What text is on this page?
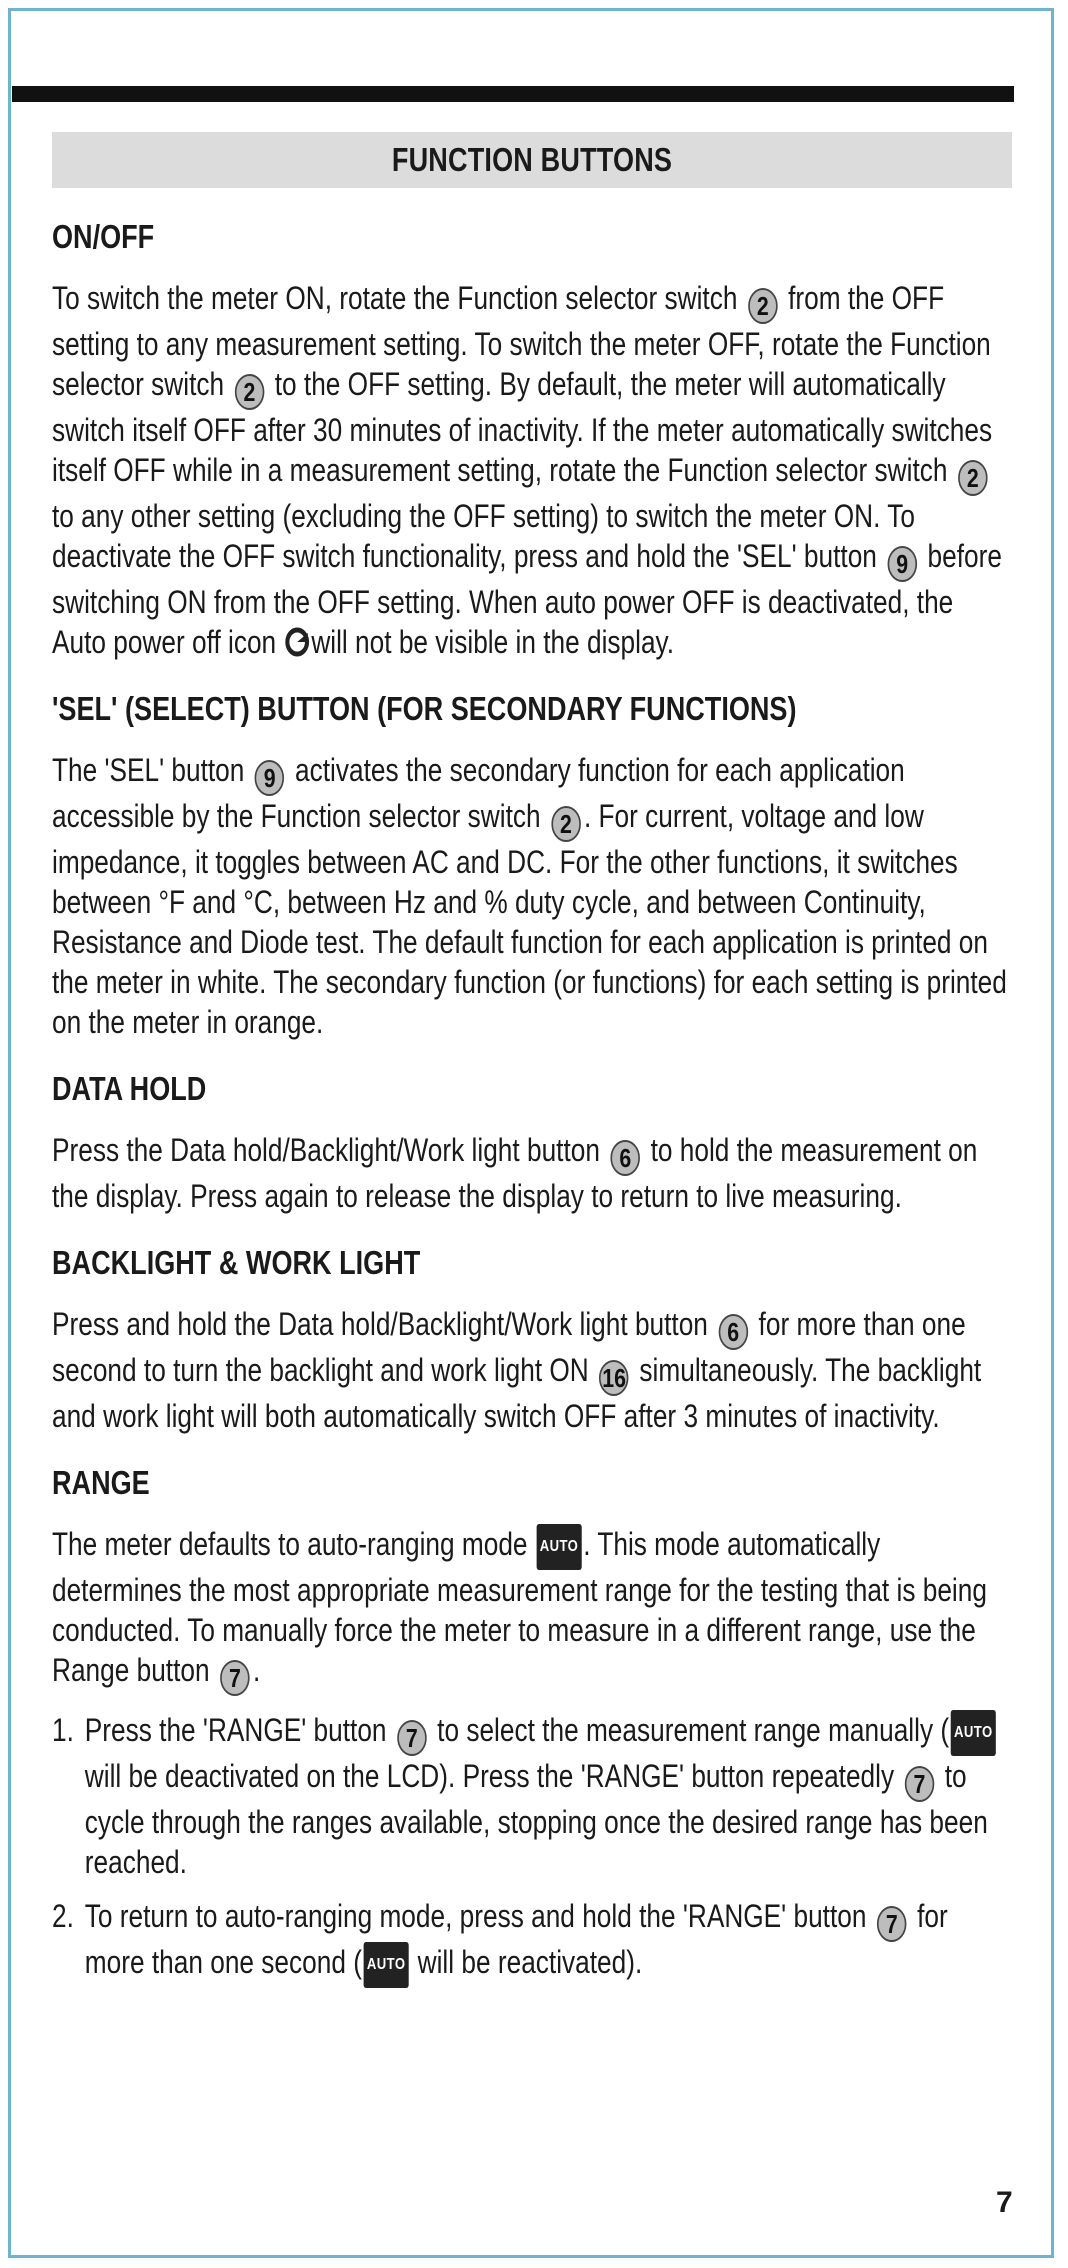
FUNCTION BUTTONS
ON/OFF

To switch the meter ON, rotate the Function selector switch 2 from the OFF setting to any measurement setting. To switch the meter OFF, rotate the Function selector switch 2 to the OFF setting. By default, the meter will automatically switch itself OFF after 30 minutes of inactivity. If the meter automatically switches itself OFF while in a measurement setting, rotate the Function selector switch 2 to any other setting (excluding the OFF setting) to switch the meter ON. To deactivate the OFF switch functionality, press and hold the 'SEL' button 9 before switching ON from the OFF setting. When auto power OFF is deactivated, the Auto power off icon will not be visible in the display.

'SEL' (SELECT) BUTTON (FOR SECONDARY FUNCTIONS)

The 'SEL' button 9 activates the secondary function for each application accessible by the Function selector switch 2 . For current, voltage and low impedance, it toggles between AC and DC. For the other functions, it switches between °F and °C, between Hz and % duty cycle, and between Continuity, Resistance and Diode test. The default function for each application is printed on the meter in white. The secondary function (or functions) for each setting is printed on the meter in orange.

DATA HOLD

Press the Data hold/Backlight/Work light button 6 to hold the measurement on the display. Press again to release the display to return to live measuring.

BACKLIGHT & WORK LIGHT

Press and hold the Data hold/Backlight/Work light button 6 for more than one second to turn the backlight and work light ON 16 simultaneously. The backlight and work light will both automatically switch OFF after 3 minutes of inactivity.

RANGE

The meter defaults to auto-ranging mode AUTO . This mode automatically determines the most appropriate measurement range for the testing that is being conducted. To manually force the meter to measure in a different range, use the Range button 7 .

1. Press the 'RANGE' button 7 to select the measurement range manually ( AUTO will be deactivated on the LCD). Press the 'RANGE' button repeatedly 7 to cycle through the ranges available, stopping once the desired range has been reached.
2. To return to auto-ranging mode, press and hold the 'RANGE' button 7 for more than one second ( AUTO will be reactivated).
7
